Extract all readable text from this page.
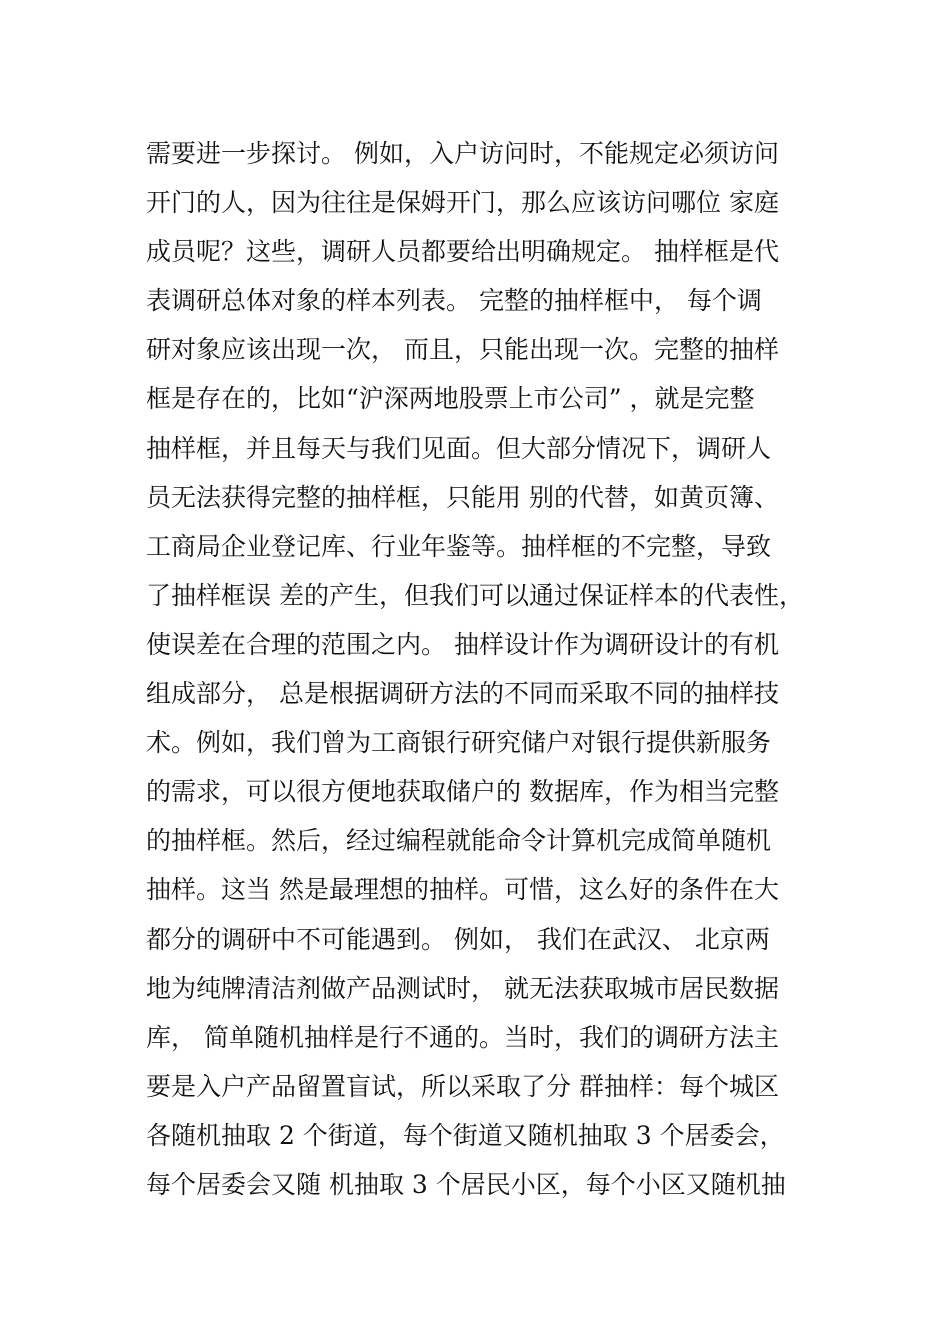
需要进一步探讨。 例如，入户访问时，不能规定必须访问
开门的人，因为往往是保姆开门，那么应该访问哪位 家庭
成员呢？这些，调研人员都要给出明确规定。 抽样框是代
表调研总体对象的样本列表。 完整的抽样框中， 每个调
研对象应该出现一次， 而且，只能出现一次。完整的抽样
框是存在的，比如“沪深两地股票上市公司” ，就是完整
抽样框，并且每天与我们见面。但大部分情况下，调研人
员无法获得完整的抽样框，只能用 别的代替，如黄页簿、
工商局企业登记库、行业年鉴等。抽样框的不完整，导致
了抽样框误 差的产生，但我们可以通过保证样本的代表性，
使误差在合理的范围之内。 抽样设计作为调研设计的有机
组成部分， 总是根据调研方法的不同而采取不同的抽样技
术。例如，我们曾为工商银行研究储户对银行提供新服务
的需求，可以很方便地获取储户的 数据库，作为相当完整
的抽样框。然后，经过编程就能命令计算机完成简单随机
抽样。这当 然是最理想的抽样。可惜，这么好的条件在大
都分的调研中不可能遇到。 例如， 我们在武汉、 北京两
地为纯牌清洁剂做产品测试时， 就无法获取城市居民数据
库， 简单随机抽样是行不通的。当时，我们的调研方法主
要是入户产品留置盲试，所以采取了分 群抽样：每个城区
各随机抽取 2 个街道，每个街道又随机抽取 3 个居委会，
每个居委会又随 机抽取 3 个居民小区，每个小区又随机抽
